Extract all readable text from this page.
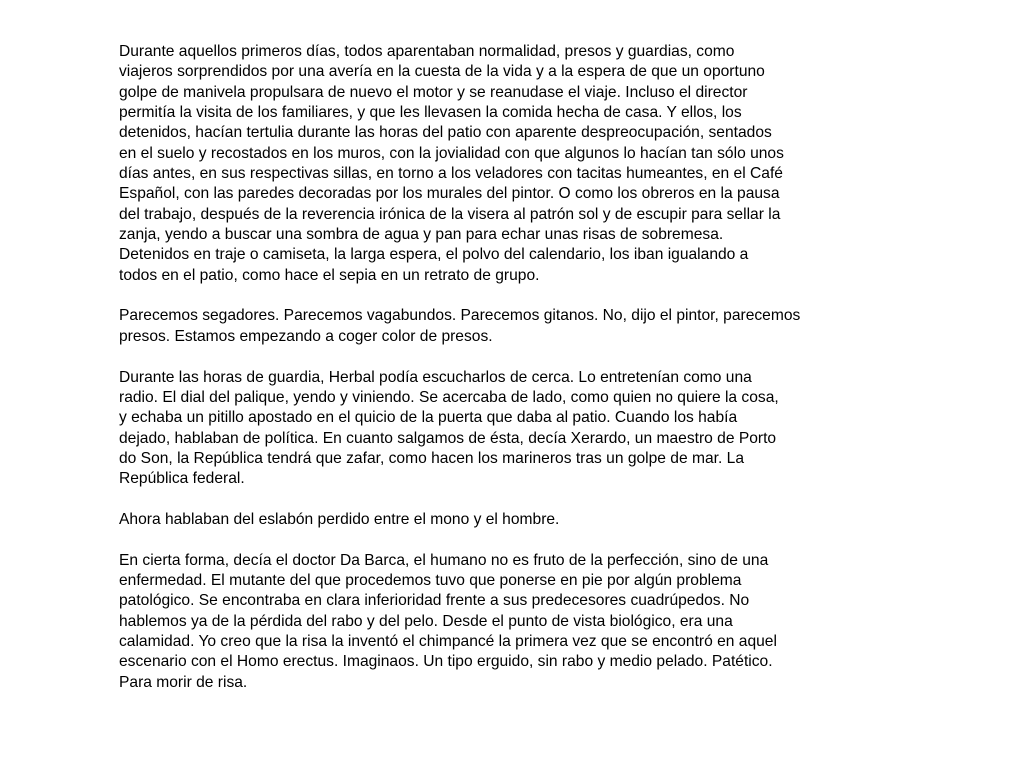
Durante aquellos primeros días, todos aparentaban normalidad, presos y guardias, como
viajeros sorprendidos por una avería en la cuesta de la vida y a la espera de que un oportuno
golpe de manivela propulsara de nuevo el motor y se reanudase el viaje. Incluso el director
permitía la visita de los familiares, y que les llevasen la comida hecha de casa. Y ellos, los
detenidos, hacían tertulia durante las horas del patio con aparente despreocupación, sentados
en el suelo y recostados en los muros, con la jovialidad con que algunos lo hacían tan sólo unos
días antes, en sus respectivas sillas, en torno a los veladores con tacitas humeantes, en el Café
Español, con las paredes decoradas por los murales del pintor. O como los obreros en la pausa
del trabajo, después de la reverencia irónica de la visera al patrón sol y de escupir para sellar la
zanja, yendo a buscar una sombra de agua y pan para echar unas risas de sobremesa.
Detenidos en traje o camiseta, la larga espera, el polvo del calendario, los iban igualando a
todos en el patio, como hace el sepia en un retrato de grupo.
Parecemos segadores. Parecemos vagabundos. Parecemos gitanos. No, dijo el pintor, parecemos
presos. Estamos empezando a coger color de presos.
Durante las horas de guardia, Herbal podía escucharlos de cerca. Lo entretenían como una
radio. El dial del palique, yendo y viniendo. Se acercaba de lado, como quien no quiere la cosa,
y echaba un pitillo apostado en el quicio de la puerta que daba al patio. Cuando los había
dejado, hablaban de política. En cuanto salgamos de ésta, decía Xerardo, un maestro de Porto
do Son, la República tendrá que zafar, como hacen los marineros tras un golpe de mar. La
República federal.
Ahora hablaban del eslabón perdido entre el mono y el hombre.
En cierta forma, decía el doctor Da Barca, el humano no es fruto de la perfección, sino de una
enfermedad. El mutante del que procedemos tuvo que ponerse en pie por algún problema
patológico. Se encontraba en clara inferioridad frente a sus predecesores cuadrúpedos. No
hablemos ya de la pérdida del rabo y del pelo. Desde el punto de vista biológico, era una
calamidad. Yo creo que la risa la inventó el chimpancé la primera vez que se encontró en aquel
escenario con el Homo erectus. Imaginaos. Un tipo erguido, sin rabo y medio pelado. Patético.
Para morir de risa.
